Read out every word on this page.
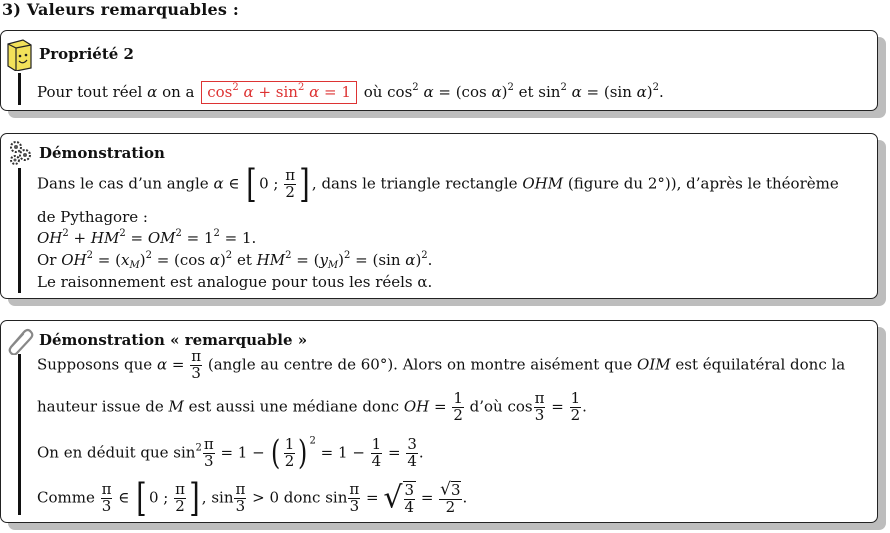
3) Valeurs remarquables :
Propriété 2
Pour tout réel α on a $\cos^2 \alpha + \sin^2 \alpha = 1$ où $\cos^2 \alpha = (\cos$ α)$^2$ et $\sin^2 \alpha = (\sin$ α)$^2$.
Démonstration
Dans le cas d’un angle α ∈ [ 0 ; $\frac{\pi}{2}$ ] , dans le triangle rectangle OHM (figure du 2°)), d’après le théorème
de Pythagore :
$OH^2 + HM^2 = OM^2 = 1^2 = 1$.
Or $OH^2 = (x_M)^2 = (\cos$ α)$^2$ et $HM^2 = (y_M)^2 = (\sin$ α)$^2$.
Le raisonnement est analogue pour tous les réels α.
Démonstration « remarquable »
Supposons que $\alpha = \frac{\pi}{3}$ (angle au centre de 60°). Alors on montre aisément que OIM est équilatéral donc la
hauteur issue de M est aussi une médiane donc OH = $\frac{1}{2}$ d’où $\cos \frac{\pi}{3} = \frac{1}{2}$ .
On en déduit que $\sin^2 \frac{\pi}{3} = 1$ − ( $\frac{1}{2}$ ) $^2 = 1 - \frac{1}{4} = \frac{3}{4}$ .
Comme $\frac{\pi}{3}$ ∈ [ 0 ; $\frac{\pi}{2}$ ] , $\sin \frac{\pi}{3} > 0$ donc $\sin \frac{\pi}{3}$ = √ $\frac{3}{4} = \frac{√3}{2}$ .
